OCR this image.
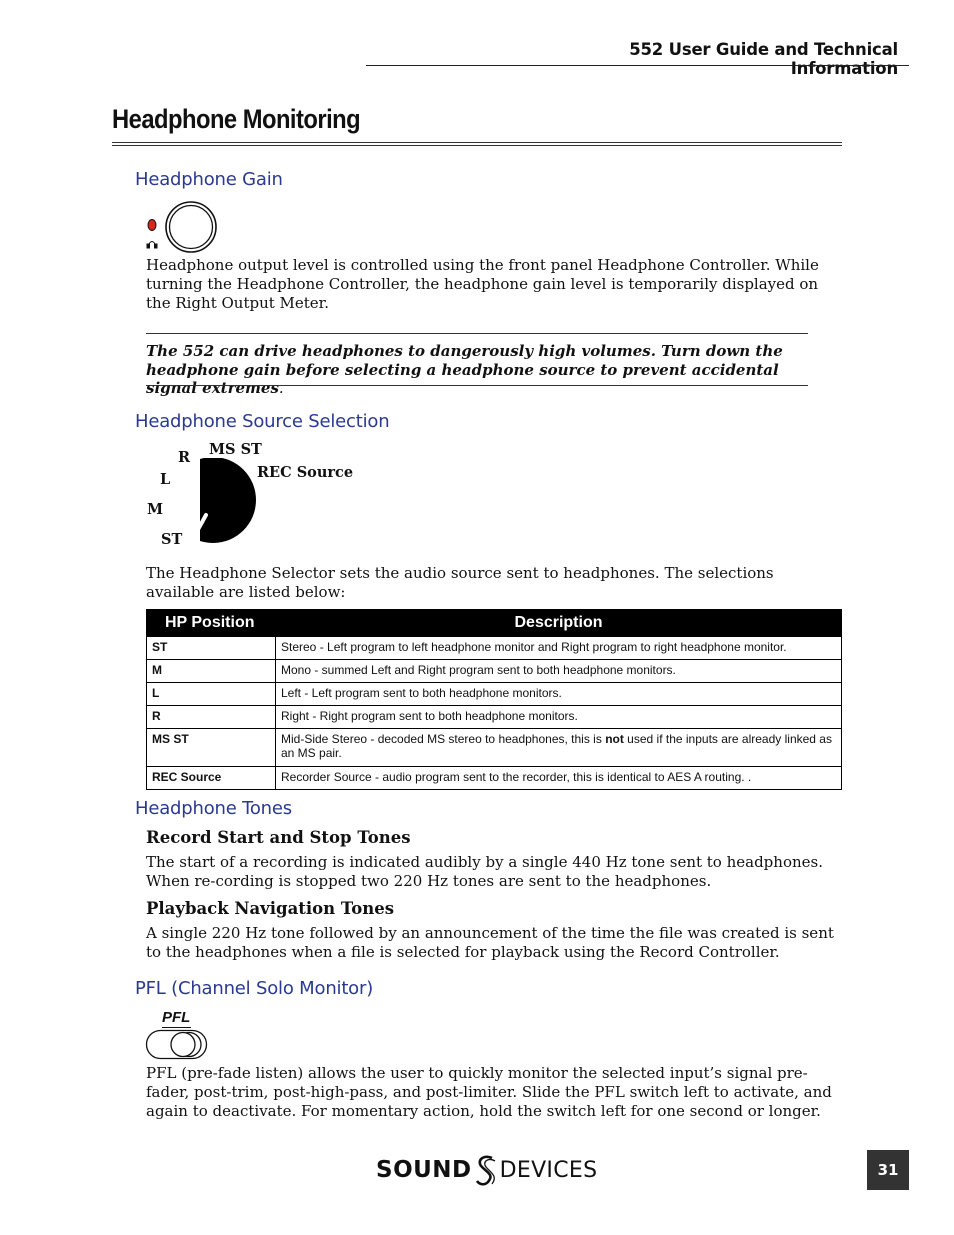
552 User Guide and Technical Information
Headphone Monitoring
Headphone Gain
Headphone output level is controlled using the front panel Headphone Controller. While turning the Headphone Controller, the headphone gain level is temporarily displayed on the Right Output Meter.
The 552 can drive headphones to dangerously high volumes. Turn down the headphone gain before selecting a headphone source to prevent accidental signal extremes.
Headphone Source Selection
MS ST
R
L
M
ST
REC Source
The Headphone Selector sets the audio source sent to headphones. The selections available are listed below:
HP Position	Description
ST	Stereo - Left program to left headphone monitor and Right program to right headphone monitor.
M	Mono - summed Left and Right program sent to both headphone monitors.
L	Left - Left program sent to both headphone monitors.
R	Right - Right program sent to both headphone monitors.
MS ST	Mid-Side Stereo - decoded MS stereo to headphones, this is not used if the inputs are already linked as an MS pair.
REC Source	Recorder Source - audio program sent to the recorder, this is identical to AES A routing. .
Headphone Tones
Record Start and Stop Tones
The start of a recording is indicated audibly by a single 440 Hz tone sent to headphones. When re-cording is stopped two 220 Hz tones are sent to the headphones.
Playback Navigation Tones
A single 220 Hz tone followed by an announcement of the time the file was created is sent to the headphones when a file is selected for playback using the Record Controller.
PFL (Channel Solo Monitor)
PFL
PFL (pre-fade listen) allows the user to quickly monitor the selected input’s signal pre-fader, post-trim, post-high-pass, and post-limiter. Slide the PFL switch left to activate, and again to deactivate. For momentary action, hold the switch left for one second or longer.
SOUND DEVICES	31
